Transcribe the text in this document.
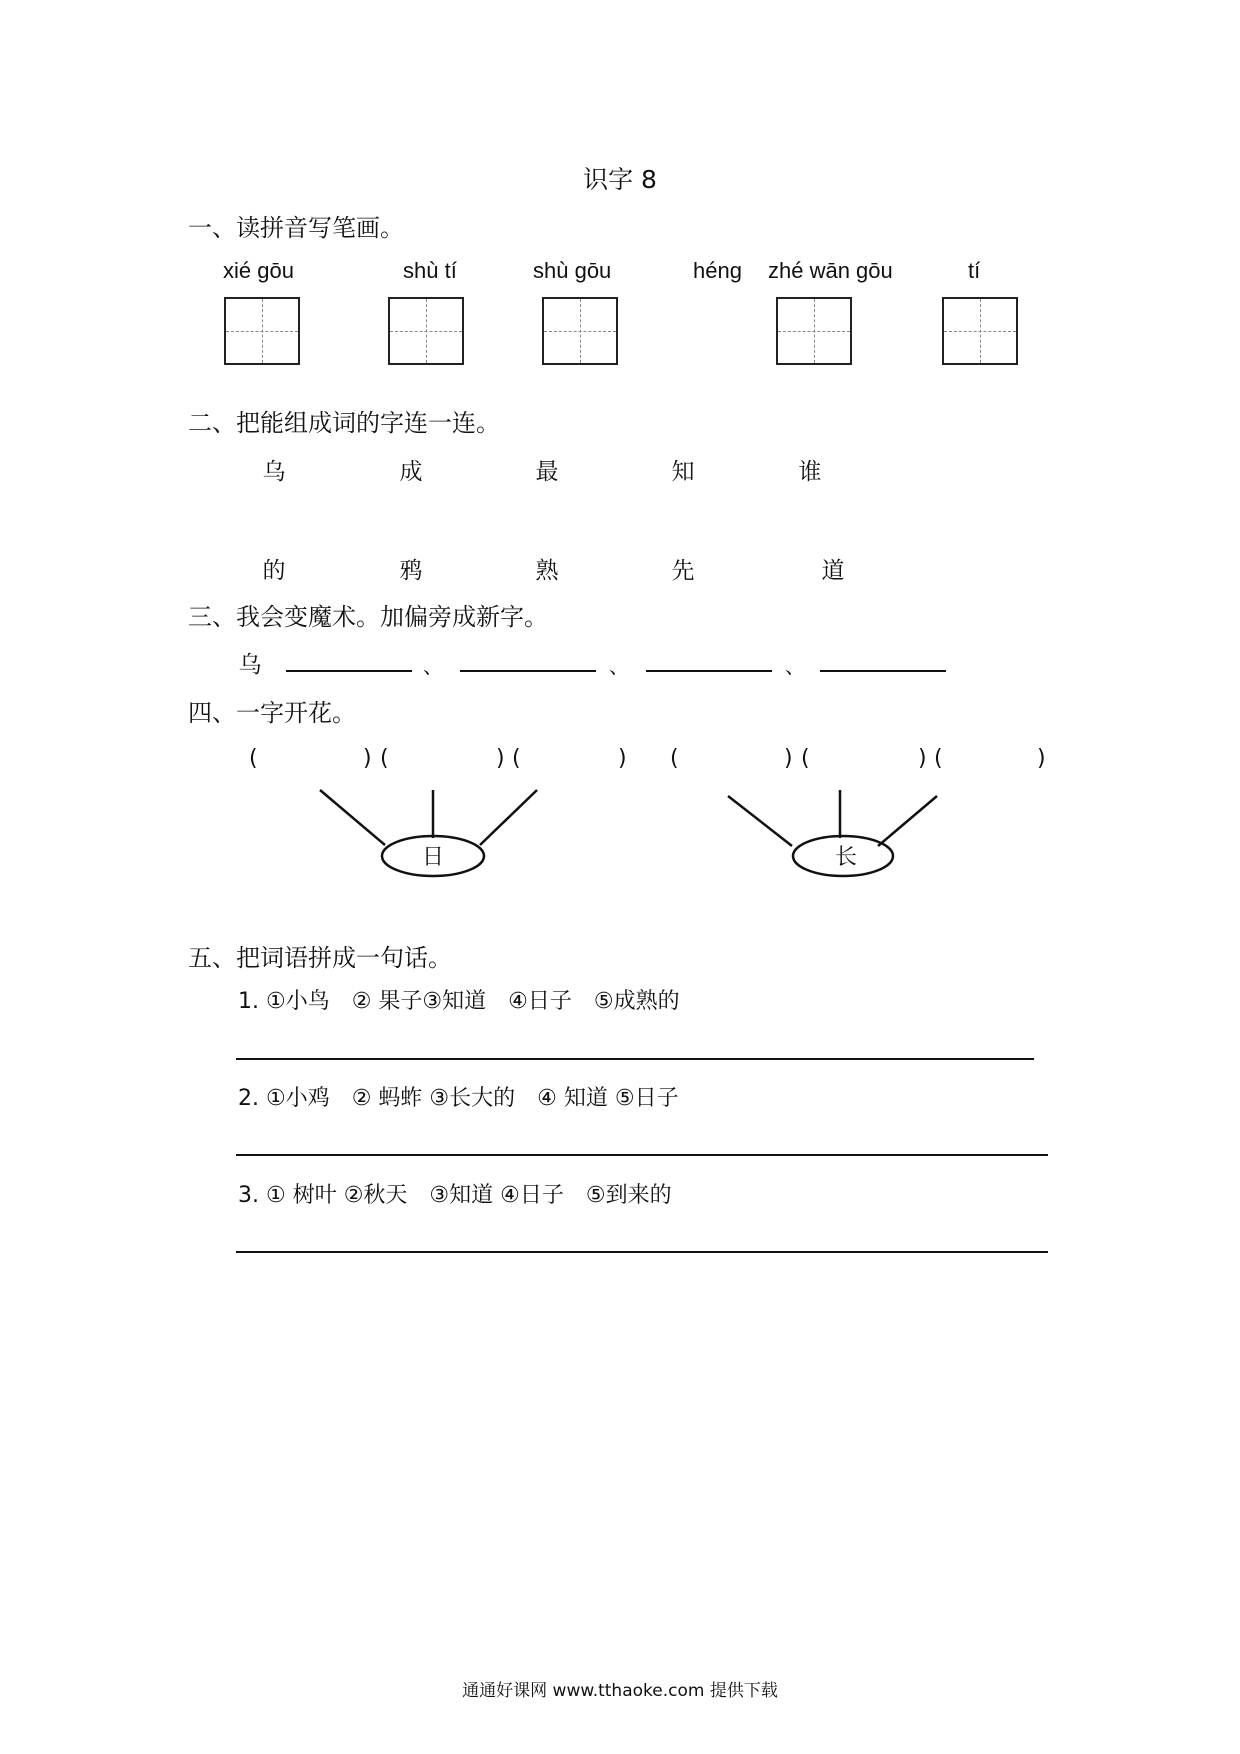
识字 8
一、读拼音写笔画。
xié gōu	shù tí	shù gōu	héng zhé wān gōu	tí
二、把能组成词的字连一连。
乌	成	最	知	谁
的	鸦	熟	先	道
三、我会变魔术。加偏旁成新字。
乌	、	、	、
四、一字开花。
(	) (	) (	) (	) (	) (	)
日	长
五、把词语拼成一句话。
1. ①小鸟　② 果子③知道　④日子　⑤成熟的
2. ①小鸡　② 蚂蚱 ③长大的　④ 知道 ⑤日子
3. ① 树叶 ②秋天　③知道 ④日子　⑤到来的
通通好课网 www.tthaoke.com 提供下载
